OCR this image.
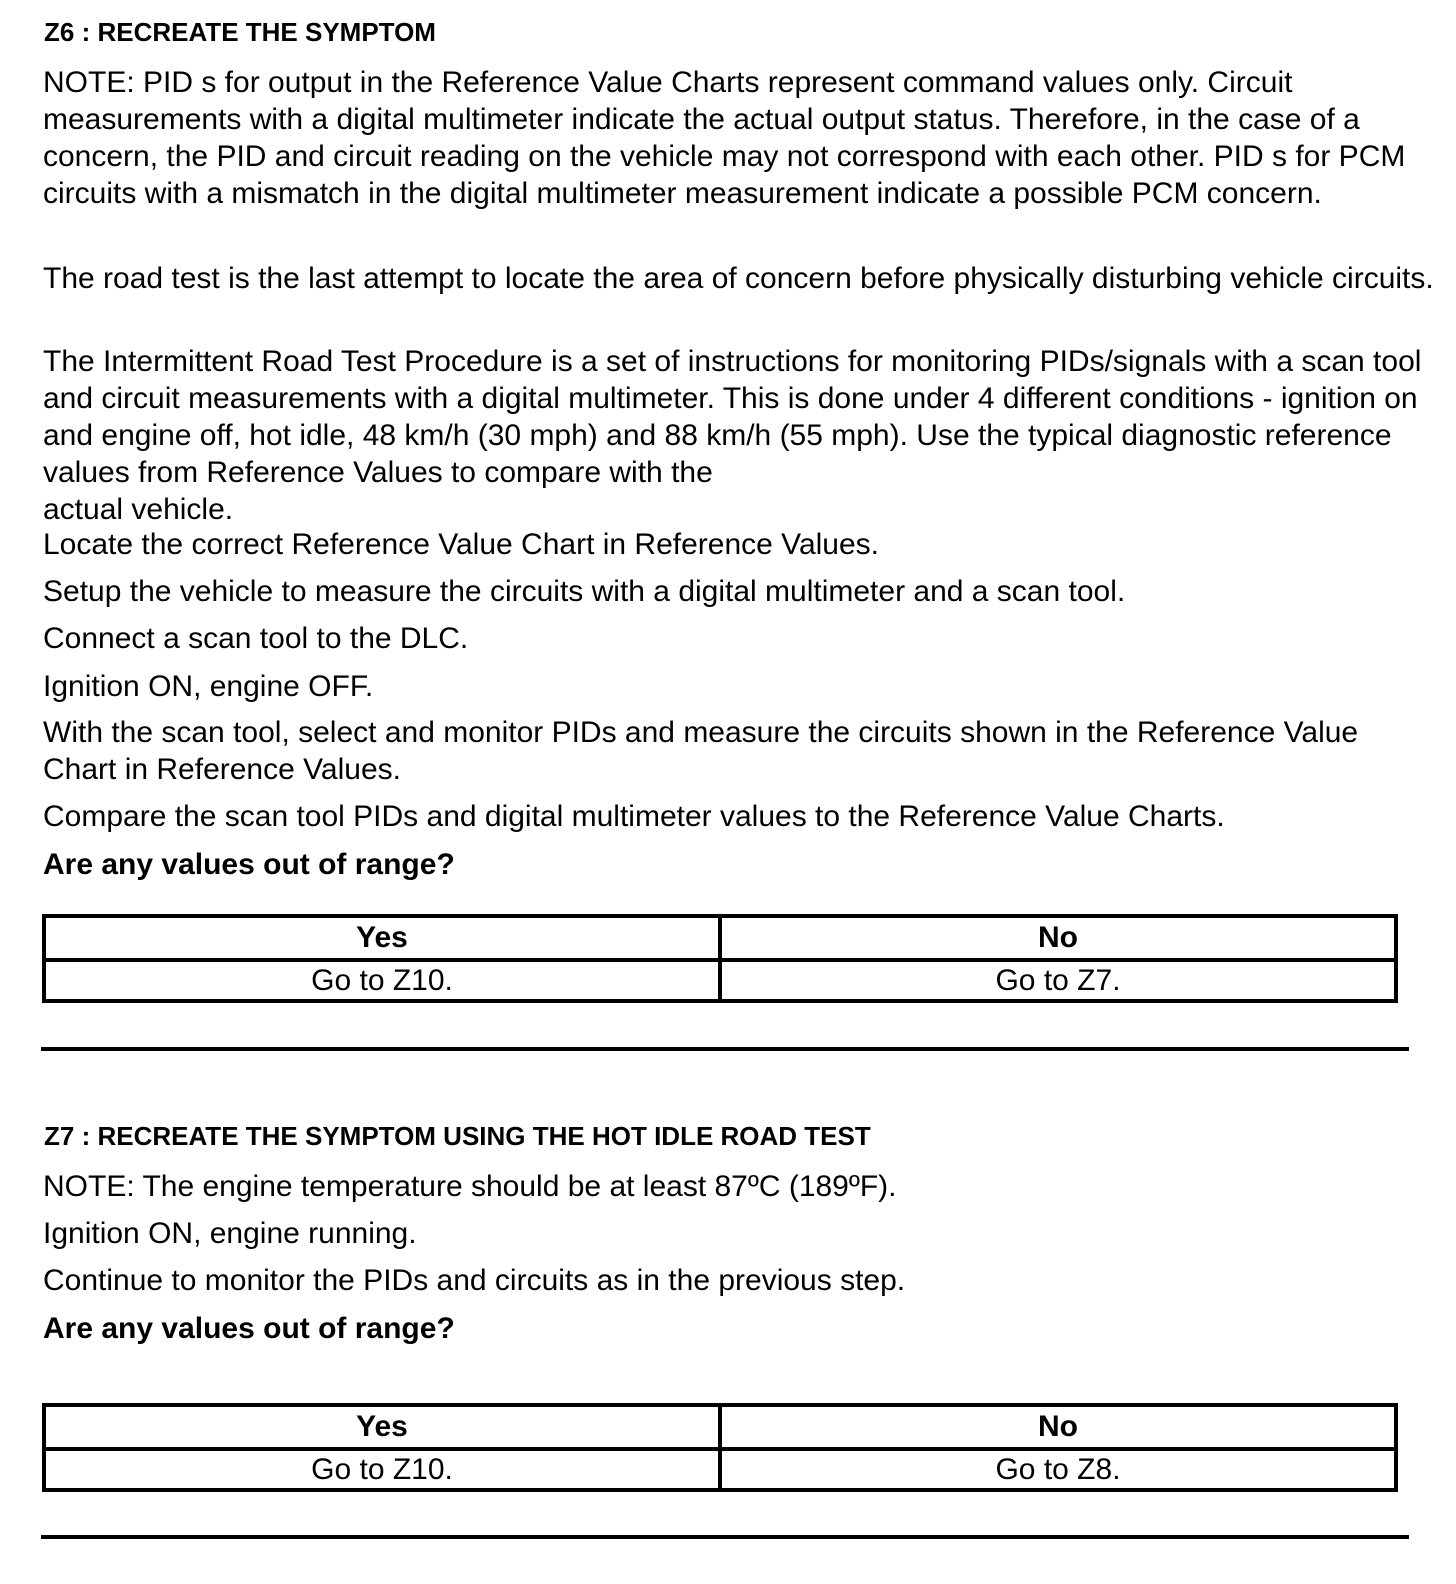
Z6 : RECREATE THE SYMPTOM
NOTE: PID s for output in the Reference Value Charts represent command values only. Circuit measurements with a digital multimeter indicate the actual output status. Therefore, in the case of a concern, the PID and circuit reading on the vehicle may not correspond with each other. PID s for PCM circuits with a mismatch in the digital multimeter measurement indicate a possible PCM concern.
The road test is the last attempt to locate the area of concern before physically disturbing vehicle circuits.
The Intermittent Road Test Procedure is a set of instructions for monitoring PIDs/signals with a scan tool and circuit measurements with a digital multimeter. This is done under 4 different conditions - ignition on and engine off, hot idle, 48 km/h (30 mph) and 88 km/h (55 mph). Use the typical diagnostic reference values from Reference Values to compare with the
actual vehicle.
Locate the correct Reference Value Chart in Reference Values.
Setup the vehicle to measure the circuits with a digital multimeter and a scan tool.
Connect a scan tool to the DLC.
Ignition ON, engine OFF.
With the scan tool, select and monitor PIDs and measure the circuits shown in the Reference Value Chart in Reference Values.
Compare the scan tool PIDs and digital multimeter values to the Reference Value Charts.
Are any values out of range?
Yes	No
Go to Z10.	Go to Z7.
Z7 : RECREATE THE SYMPTOM USING THE HOT IDLE ROAD TEST
NOTE: The engine temperature should be at least 87ºC (189ºF).
Ignition ON, engine running.
Continue to monitor the PIDs and circuits as in the previous step.
Are any values out of range?
Yes	No
Go to Z10.	Go to Z8.
